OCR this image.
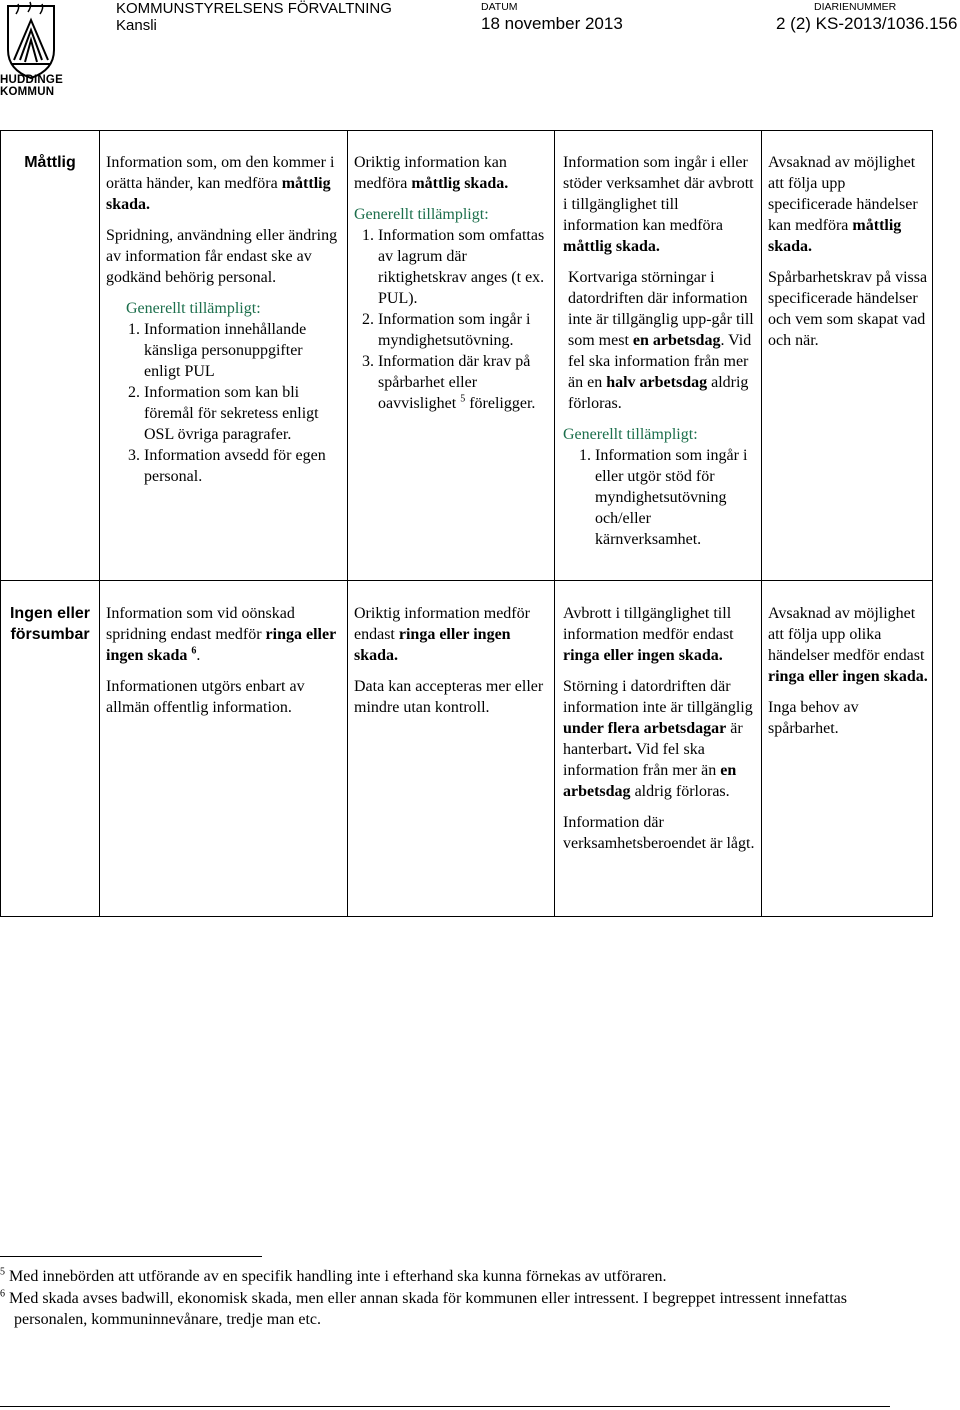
HUDDINGE
KOMMUN
KOMMUNSTYRELSENS FÖRVALTNING
Kansli
DATUM
18 november 2013
DIARIENUMMER
2 (2) KS-2013/1036.156
Måttlig	Information som, om den kommer i orätta händer, kan medföra måttlig skada.

Spridning, användning eller ändring av information får endast ske av godkänd behörig personal.

Generellt tillämpligt:
1. Information innehållande känsliga personuppgifter enligt PUL
2. Information som kan bli föremål för sekretess enligt OSL övriga paragrafer.
3. Information avsedd för egen personal.

Oriktig information kan medföra måttlig skada.

Generellt tillämpligt:
1. Information som omfattas av lagrum där riktighetskrav anges (t ex. PUL).
2. Information som ingår i myndighetsutövning.
3. Information där krav på spårbarhet eller oavvislighet $^5$ föreligger.

Information som ingår i eller stöder verksamhet där avbrott i tillgänglighet till information kan medföra måttlig skada.

Kortvariga störningar i datordriften där information inte är tillgänglig upp-går till som mest en arbetsdag. Vid fel ska information från mer än en halv arbetsdag aldrig förloras.

Generellt tillämpligt:
1. Information som ingår i eller utgör stöd för myndighetsutövning och/eller kärnverksamhet.

Avsaknad av möjlighet att följa upp specificerade händelser kan medföra måttlig skada.

Spårbarhetskrav på vissa specificerade händelser och vem som skapat vad och när.

Ingen eller försumbar

Information som vid oönskad spridning endast medför ringa eller ingen skada $^6$.

Informationen utgörs enbart av allmän offentlig information.

Oriktig information medför endast ringa eller ingen skada.

Data kan accepteras mer eller mindre utan kontroll.

Avbrott i tillgänglighet till information medför endast ringa eller ingen skada.

Störning i datordriften där information inte är tillgänglig under flera arbetsdagar är hanterbart. Vid fel ska information från mer än en arbetsdag aldrig förloras.

Information där verksamhetsberoendet är lågt.

Avsaknad av möjlighet att följa upp olika händelser medför endast ringa eller ingen skada.

Inga behov av spårbarhet.

$^5$ Med innebörden att utförande av en specifik handling inte i efterhand ska kunna förnekas av utföraren.
$^6$ Med skada avses badwill, ekonomisk skada, men eller annan skada för kommunen eller intressent. I begreppet intressent innefattas personalen, kommuninnevånare, tredje man etc.
